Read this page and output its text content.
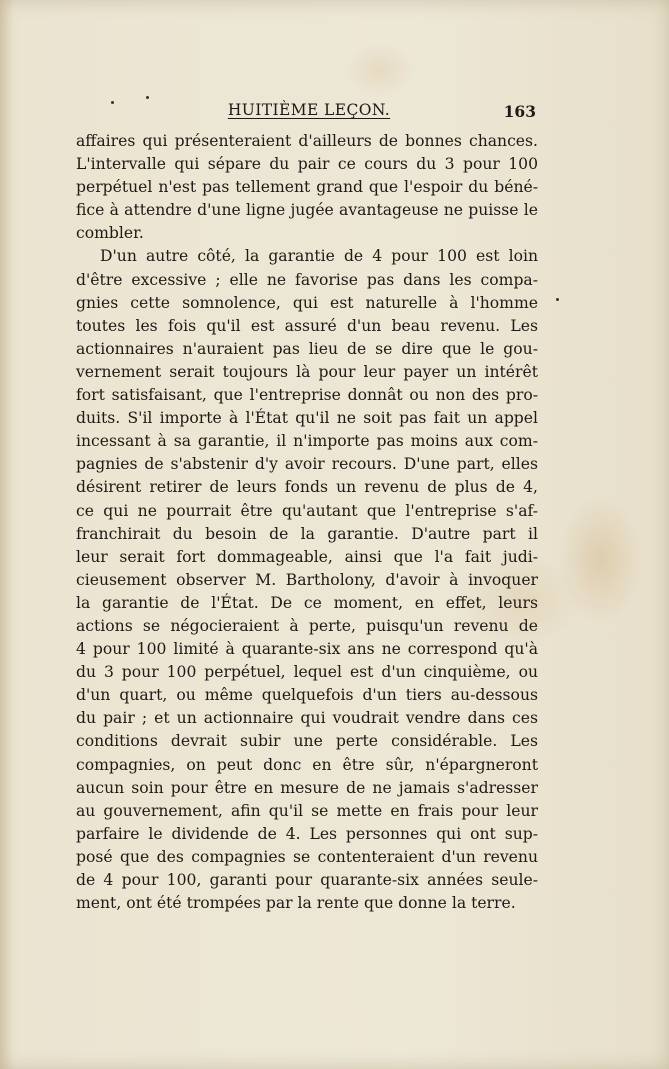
HUITIÈME LEÇON.	163
affaires qui présenteraient d'ailleurs de bonnes chances.
L'intervalle qui sépare du pair ce cours du 3 pour 100
perpétuel n'est pas tellement grand que l'espoir du béné-
fice à attendre d'une ligne jugée avantageuse ne puisse le
combler.
D'un autre côté, la garantie de 4 pour 100 est loin
d'être excessive ; elle ne favorise pas dans les compa-
gnies cette somnolence, qui est naturelle à l'homme
toutes les fois qu'il est assuré d'un beau revenu. Les
actionnaires n'auraient pas lieu de se dire que le gou-
vernement serait toujours là pour leur payer un intérêt
fort satisfaisant, que l'entreprise donnât ou non des pro-
duits. S'il importe à l'État qu'il ne soit pas fait un appel
incessant à sa garantie, il n'importe pas moins aux com-
pagnies de s'abstenir d'y avoir recours. D'une part, elles
désirent retirer de leurs fonds un revenu de plus de 4,
ce qui ne pourrait être qu'autant que l'entreprise s'af-
franchirait du besoin de la garantie. D'autre part il
leur serait fort dommageable, ainsi que l'a fait judi-
cieusement observer M. Bartholony, d'avoir à invoquer
la garantie de l'État. De ce moment, en effet, leurs
actions se négocieraient à perte, puisqu'un revenu de
4 pour 100 limité à quarante-six ans ne correspond qu'à
du 3 pour 100 perpétuel, lequel est d'un cinquième, ou
d'un quart, ou même quelquefois d'un tiers au-dessous
du pair ; et un actionnaire qui voudrait vendre dans ces
conditions devrait subir une perte considérable. Les
compagnies, on peut donc en être sûr, n'épargneront
aucun soin pour être en mesure de ne jamais s'adresser
au gouvernement, afin qu'il se mette en frais pour leur
parfaire le dividende de 4. Les personnes qui ont sup-
posé que des compagnies se contenteraient d'un revenu
de 4 pour 100, garanti pour quarante-six années seule-
ment, ont été trompées par la rente que donne la terre.
